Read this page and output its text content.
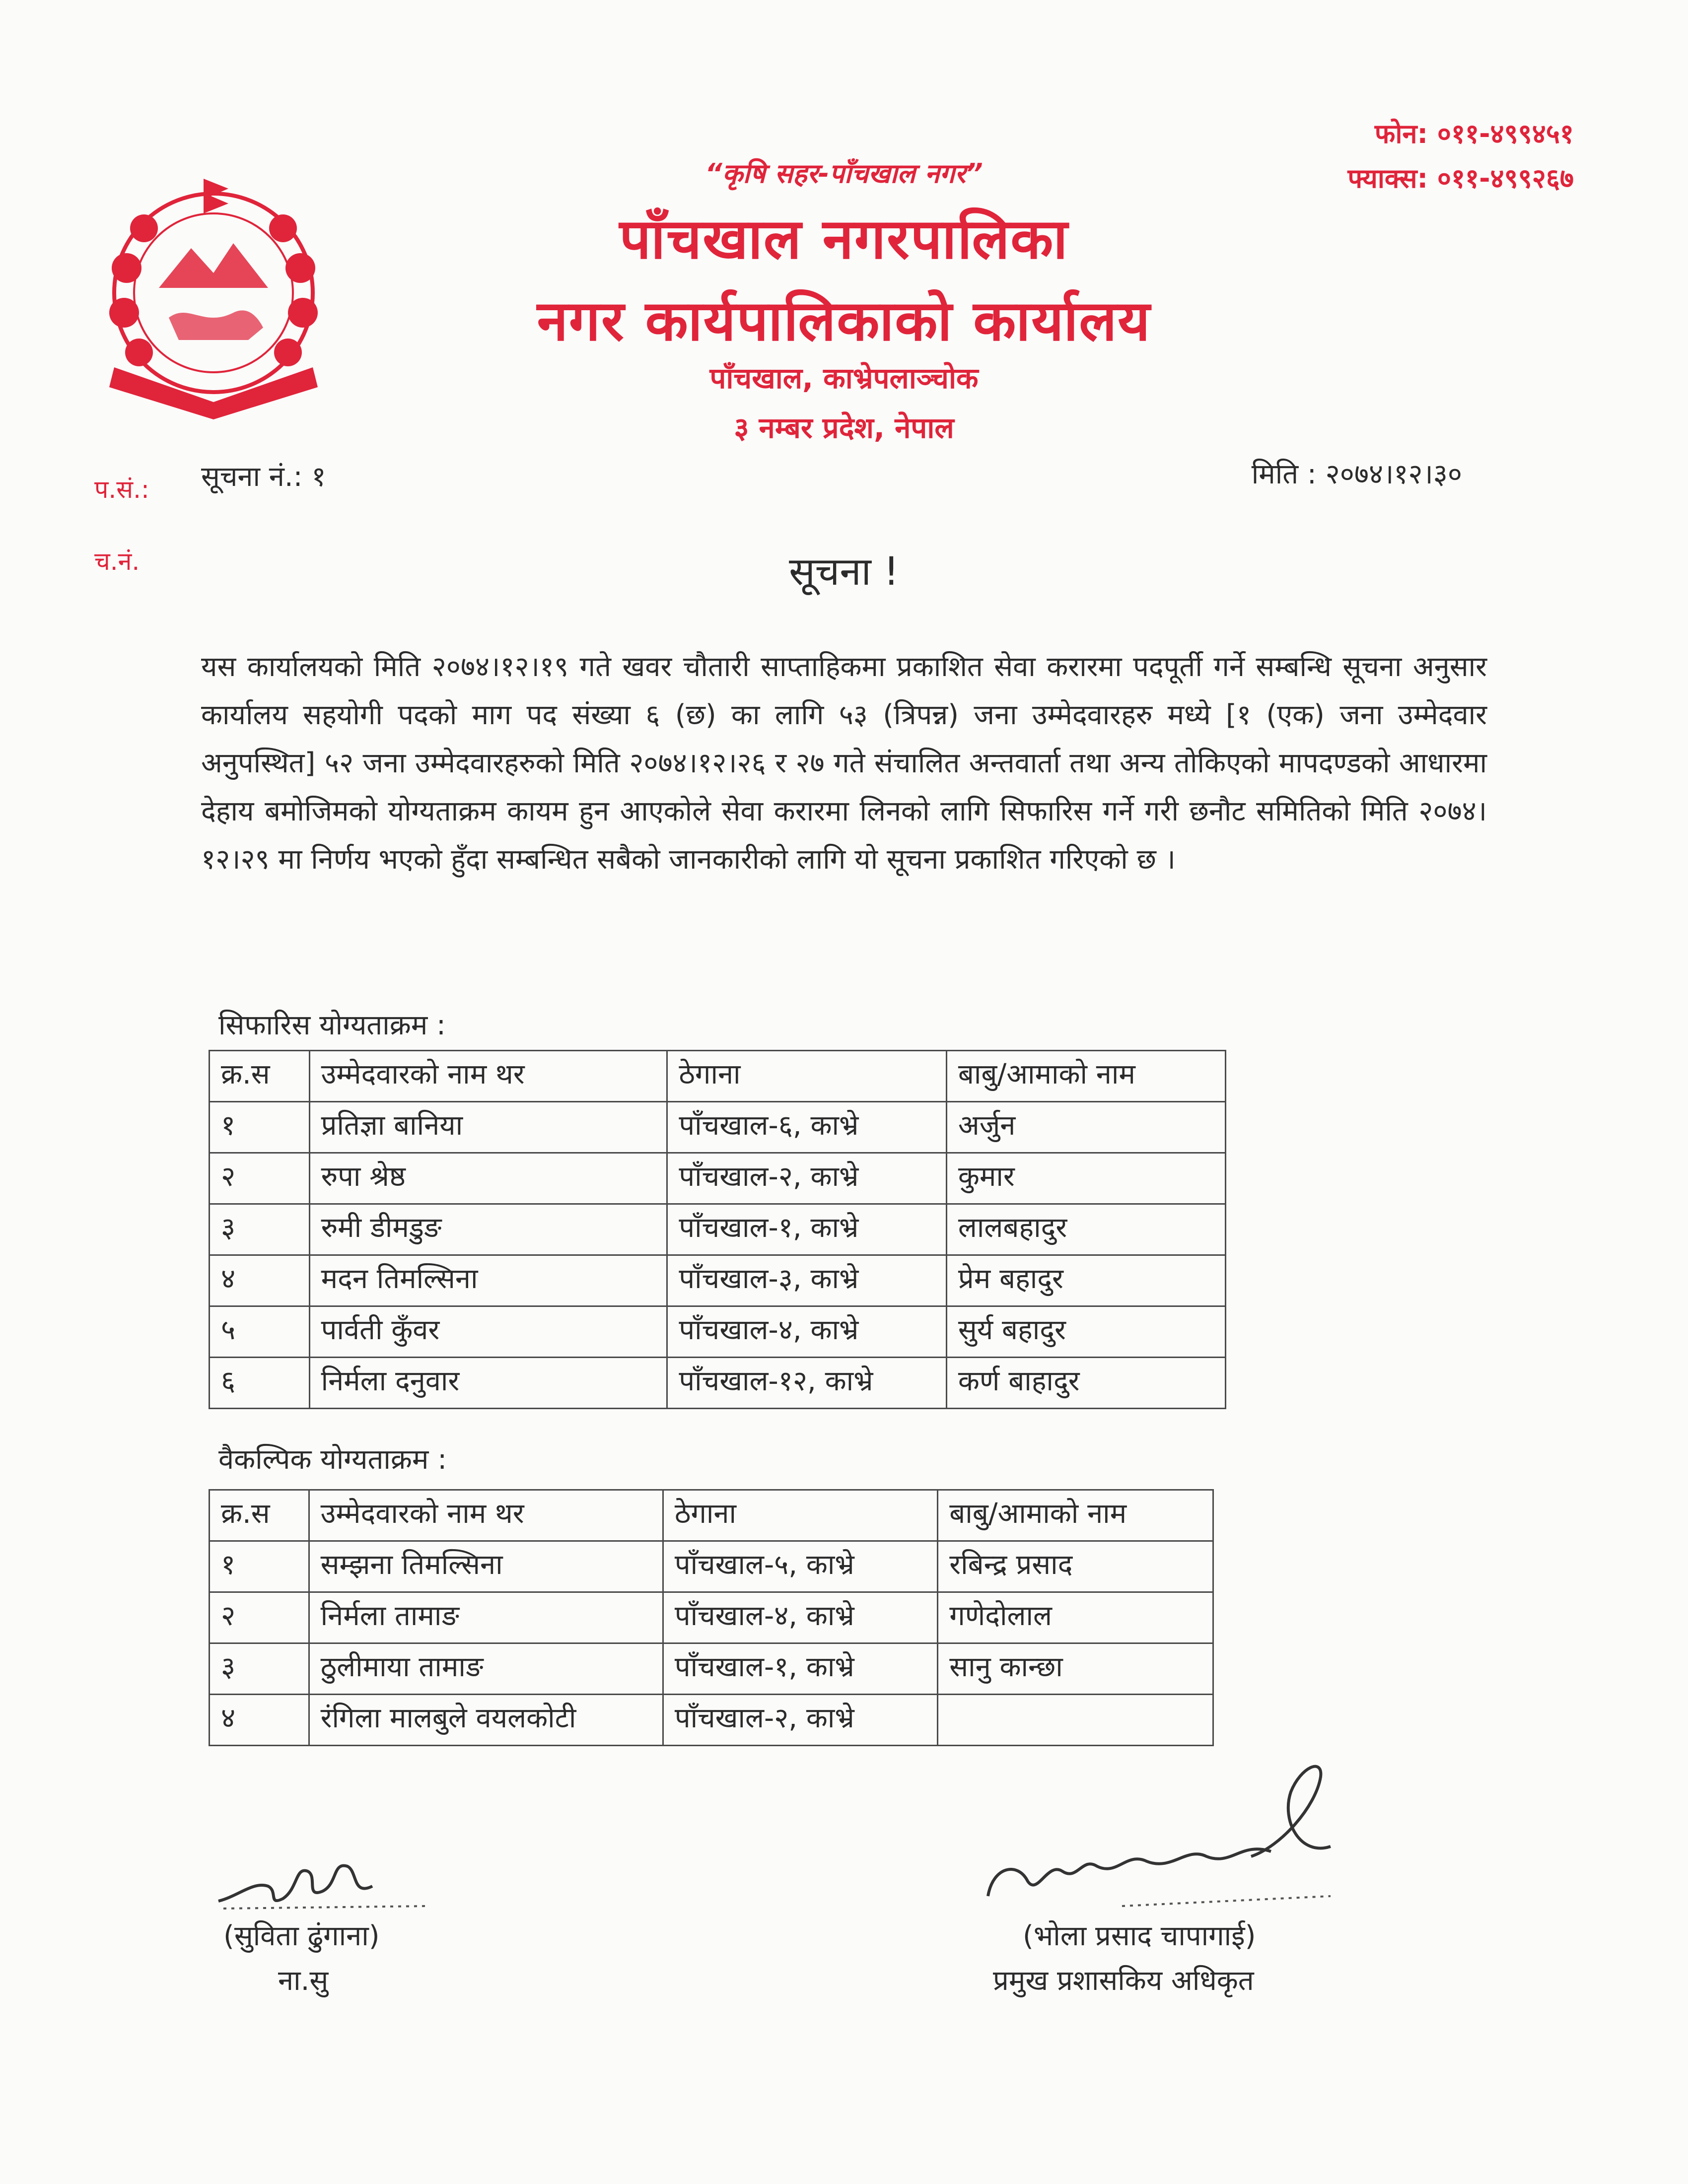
“कृषि सहर-पाँचखाल नगर”
पाँचखाल नगरपालिका
नगर कार्यपालिकाको कार्यालय
पाँचखाल, काभ्रेपलाञ्चोक
३ नम्बर प्रदेश, नेपाल
फोन: ०११-४९९४५१
फ्याक्स: ०११-४९९२६७
प.सं.:
च.नं.
सूचना नं.: १	मिति : २०७४।१२।३०
सूचना !
यस कार्यालयको मिति २०७४।१२।१९ गते खवर चौतारी साप्ताहिकमा प्रकाशित सेवा करारमा पदपूर्ती गर्ने सम्बन्धि सूचना अनुसार कार्यालय सहयोगी पदको माग पद संख्या ६ (छ) का लागि ५३ (त्रिपन्न) जना उम्मेदवारहरु मध्ये [१ (एक) जना उम्मेदवार अनुपस्थित] ५२ जना उम्मेदवारहरुको मिति २०७४।१२।२६ र २७ गते संचालित अन्तवार्ता तथा अन्य तोकिएको मापदण्डको आधारमा देहाय बमोजिमको योग्यताक्रम कायम हुन आएकोले सेवा करारमा लिनको लागि सिफारिस गर्ने गरी छनौट समितिको मिति २०७४।१२।२९ मा निर्णय भएको हुँदा सम्बन्धित सबैको जानकारीको लागि यो सूचना प्रकाशित गरिएको छ ।
सिफारिस योग्यताक्रम :
क्र.स	उम्मेदवारको नाम थर	ठेगाना	बाबु/आमाको नाम
१	प्रतिज्ञा बानिया	पाँचखाल-६, काभ्रे	अर्जुन
२	रुपा श्रेष्ठ	पाँचखाल-२, काभ्रे	कुमार
३	रुमी डीमडुङ	पाँचखाल-१, काभ्रे	लालबहादुर
४	मदन तिमल्सिना	पाँचखाल-३, काभ्रे	प्रेम बहादुर
५	पार्वती कुँवर	पाँचखाल-४, काभ्रे	सुर्य बहादुर
६	निर्मला दनुवार	पाँचखाल-१२, काभ्रे	कर्ण बाहादुर
वैकल्पिक योग्यताक्रम :
क्र.स	उम्मेदवारको नाम थर	ठेगाना	बाबु/आमाको नाम
१	सम्झना तिमल्सिना	पाँचखाल-५, काभ्रे	रबिन्द्र प्रसाद
२	निर्मला तामाङ	पाँचखाल-४, काभ्रे	गणेदोलाल
३	ठुलीमाया तामाङ	पाँचखाल-१, काभ्रे	सानु कान्छा
४	रंगिला मालबुले वयलकोटी	पाँचखाल-२, काभ्रे	
(सुविता ढुंगाना)
ना.सु
(भोला प्रसाद चापागाई)
प्रमुख प्रशासकिय अधिकृत
